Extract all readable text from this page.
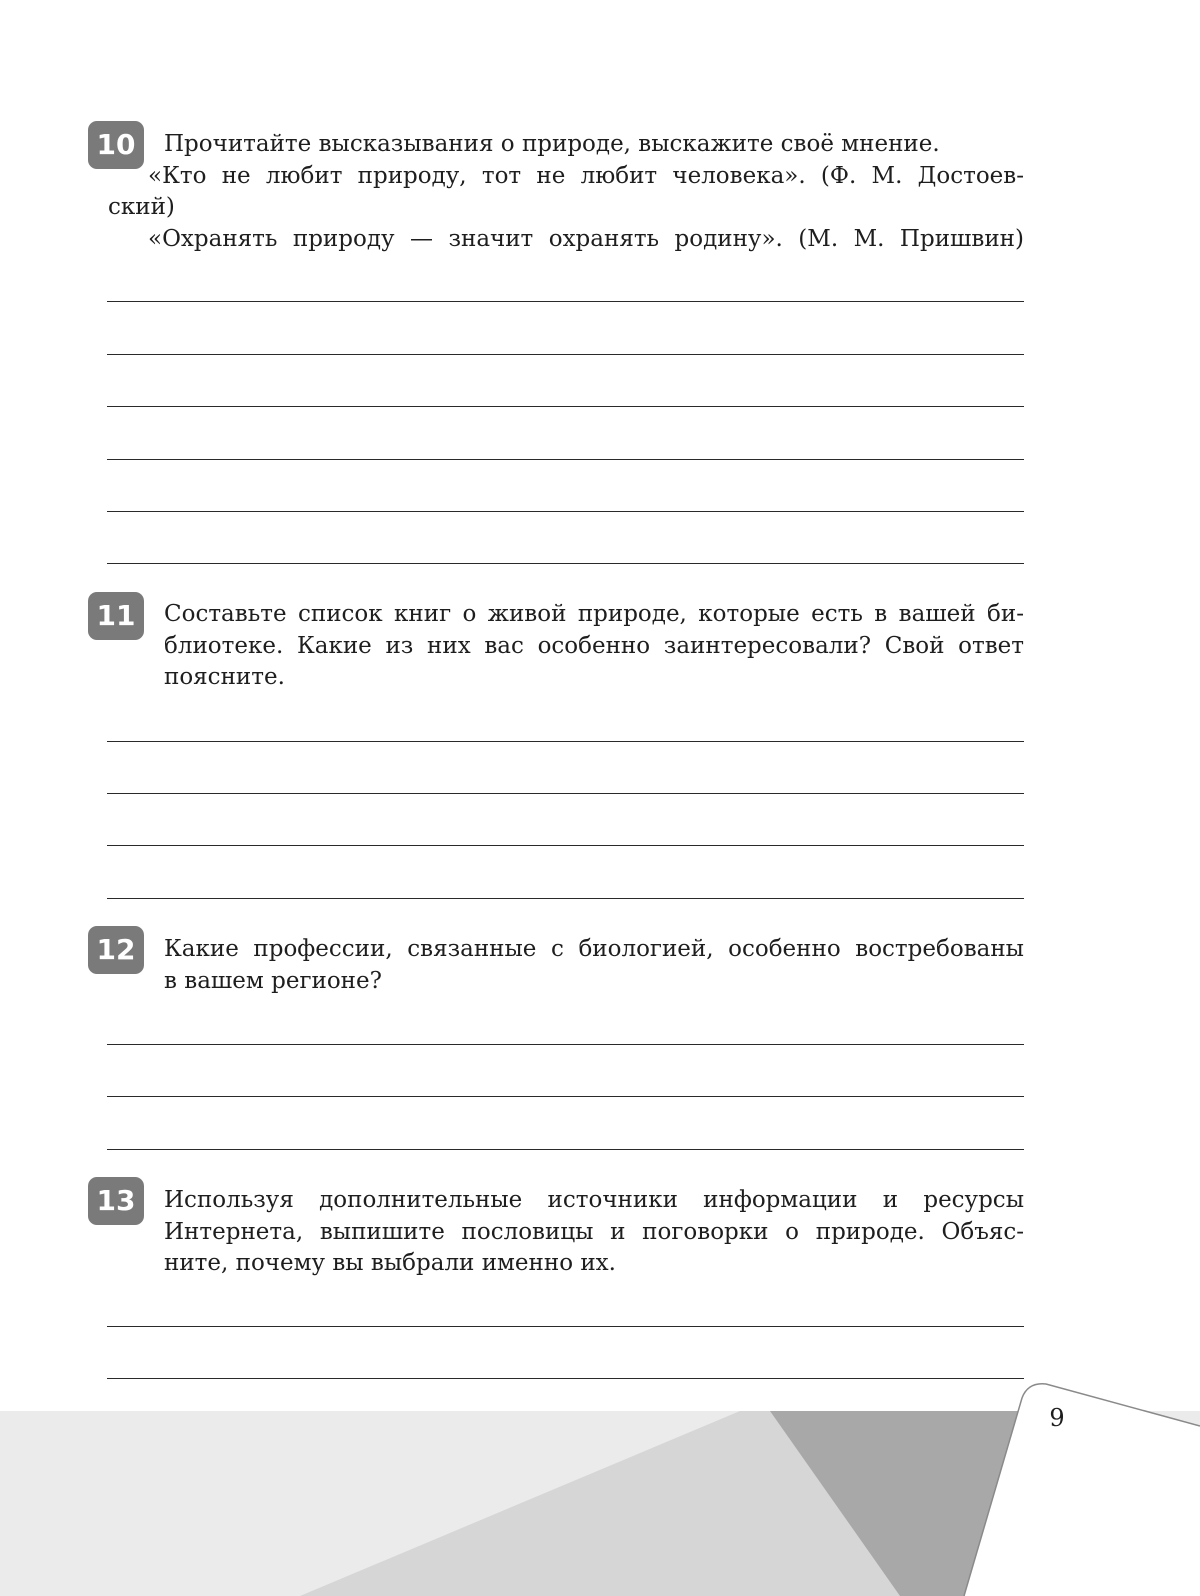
10	Прочитайте высказывания о природе, выскажите своё мнение.
«Кто не любит природу, тот не любит человека». (Ф. М. Достоев-
ский)
«Охранять природу — значит охранять родину». (М. М. Пришвин)
11	Составьте список книг о живой природе, которые есть в вашей би-
блиотеке. Какие из них вас особенно заинтересовали? Свой ответ
поясните.
12	Какие профессии, связанные с биологией, особенно востребованы
в вашем регионе?
13	Используя дополнительные источники информации и ресурсы
Интернета, выпишите пословицы и поговорки о природе. Объяс-
ните, почему вы выбрали именно их.
9
